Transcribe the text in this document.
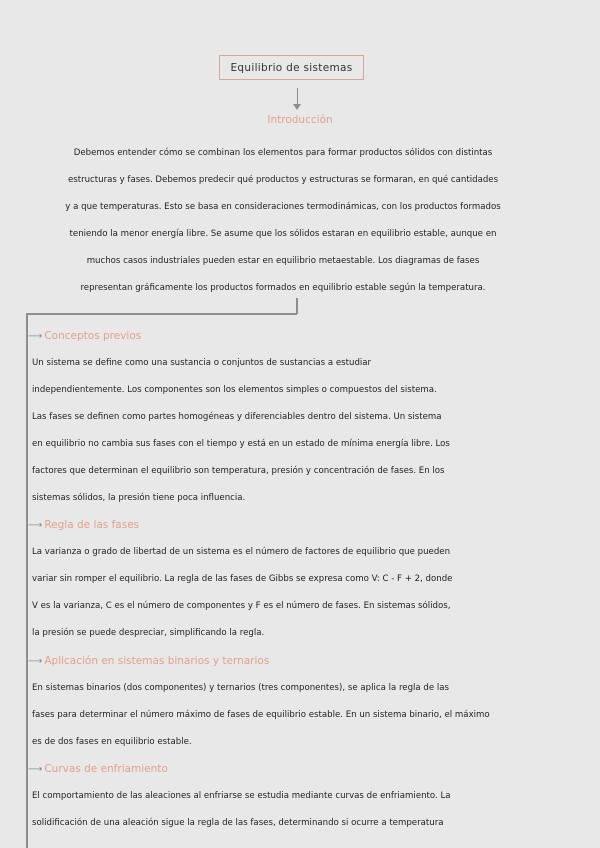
Equilibrio de sistemas
Introducción

Debemos entender cómo se combinan los elementos para formar productos sólidos con distintas

estructuras y fases. Debemos predecir qué productos y estructuras se formaran, en qué cantidades

y a que temperaturas. Esto se basa en consideraciones termodinámicas, con los productos formados

teniendo la menor energía libre. Se asume que los sólidos estaran en equilibrio estable, aunque en

muchos casos industriales pueden estar en equilibrio metaestable. Los diagramas de fases

representan gráficamente los productos formados en equilibrio estable según la temperatura.

⟶ Conceptos previos

Un sistema se define como una sustancia o conjuntos de sustancias a estudiar

independientemente. Los componentes son los elementos simples o compuestos del sistema.

Las fases se definen como partes homogéneas y diferenciables dentro del sistema. Un sistema

en equilibrio no cambia sus fases con el tiempo y está en un estado de mínima energía libre. Los

factores que determinan el equilibrio son temperatura, presión y concentración de fases. En los

sistemas sólidos, la presión tiene poca influencia.

⟶ Regla de las fases

La varianza o grado de libertad de un sistema es el número de factores de equilibrio que pueden

variar sin romper el equilibrio. La regla de las fases de Gibbs se expresa como V: C - F + 2, donde

V es la varianza, C es el número de componentes y F es el número de fases. En sistemas sólidos,

la presión se puede despreciar, simplificando la regla.

⟶ Aplicación en sistemas binarios y ternarios

En sistemas binarios (dos componentes) y ternarios (tres componentes), se aplica la regla de las

fases para determinar el número máximo de fases de equilibrio estable. En un sistema binario, el máximo

es de dos fases en equilibrio estable.

⟶ Curvas de enfriamiento

El comportamiento de las aleaciones al enfriarse se estudia mediante curvas de enfriamiento. La

solidificación de una aleación sigue la regla de las fases, determinando si ocurre a temperatura
